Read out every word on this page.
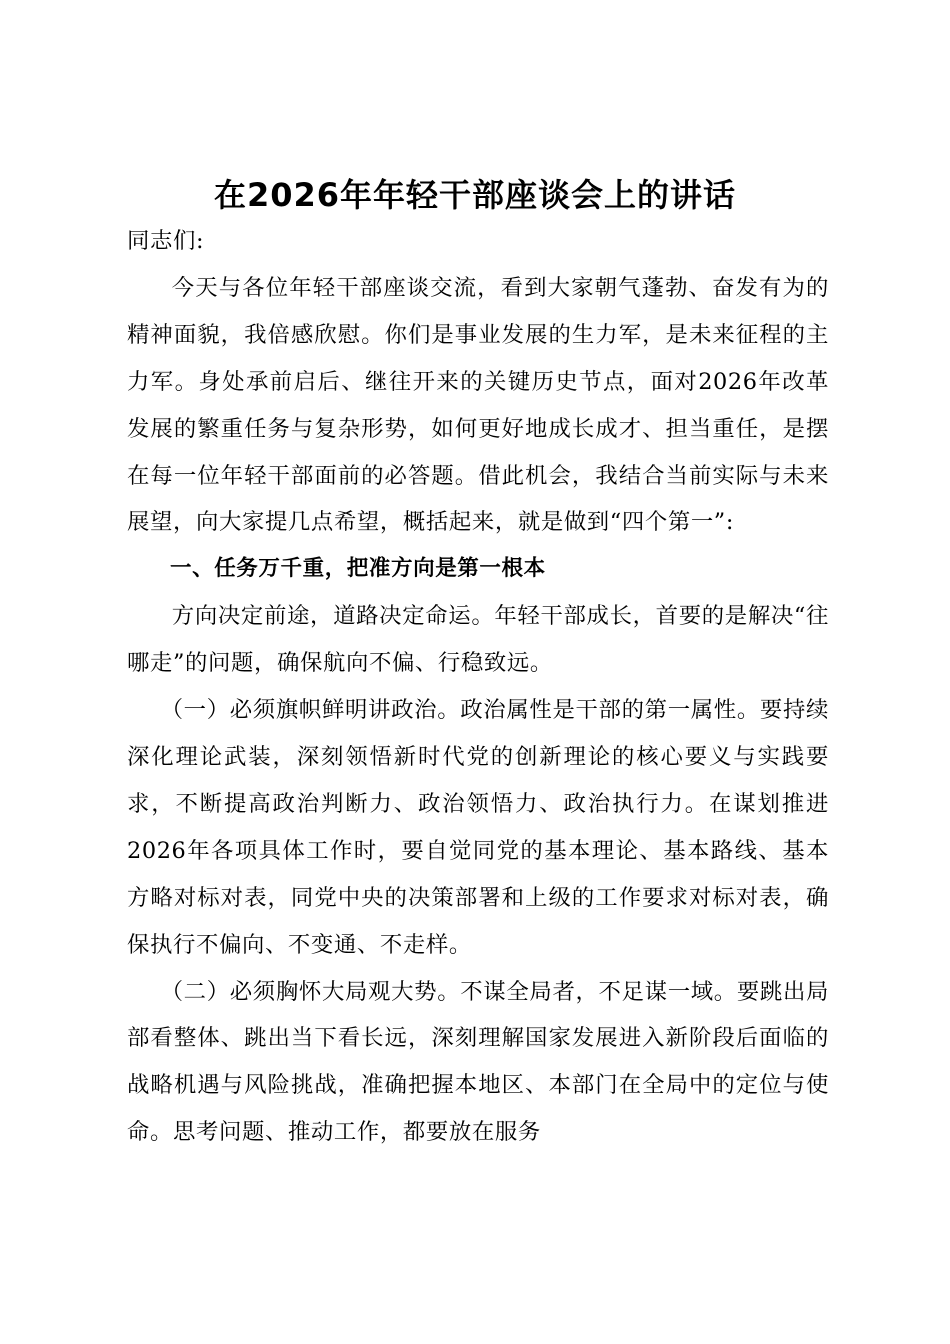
在2026年年轻干部座谈会上的讲话

同志们:

今天与各位年轻干部座谈交流，看到大家朝气蓬勃、奋发有为的精神面貌，我倍感欣慰。你们是事业发展的生力军，是未来征程的主力军。身处承前启后、继往开来的关键历史节点，面对2026年改革发展的繁重任务与复杂形势，如何更好地成长成才、担当重任，是摆在每一位年轻干部面前的必答题。借此机会，我结合当前实际与未来展望，向大家提几点希望，概括起来，就是做到“四个第一”:

一、任务万千重，把准方向是第一根本

方向决定前途，道路决定命运。年轻干部成长，首要的是解决“往哪走”的问题，确保航向不偏、行稳致远。

（一）必须旗帜鲜明讲政治。政治属性是干部的第一属性。要持续深化理论武装，深刻领悟新时代党的创新理论的核心要义与实践要求，不断提高政治判断力、政治领悟力、政治执行力。在谋划推进2026年各项具体工作时，要自觉同党的基本理论、基本路线、基本方略对标对表，同党中央的决策部署和上级的工作要求对标对表，确保执行不偏向、不变通、不走样。

（二）必须胸怀大局观大势。不谋全局者，不足谋一域。要跳出局部看整体、跳出当下看长远，深刻理解国家发展进入新阶段后面临的战略机遇与风险挑战，准确把握本地区、本部门在全局中的定位与使命。思考问题、推动工作，都要放在服务
